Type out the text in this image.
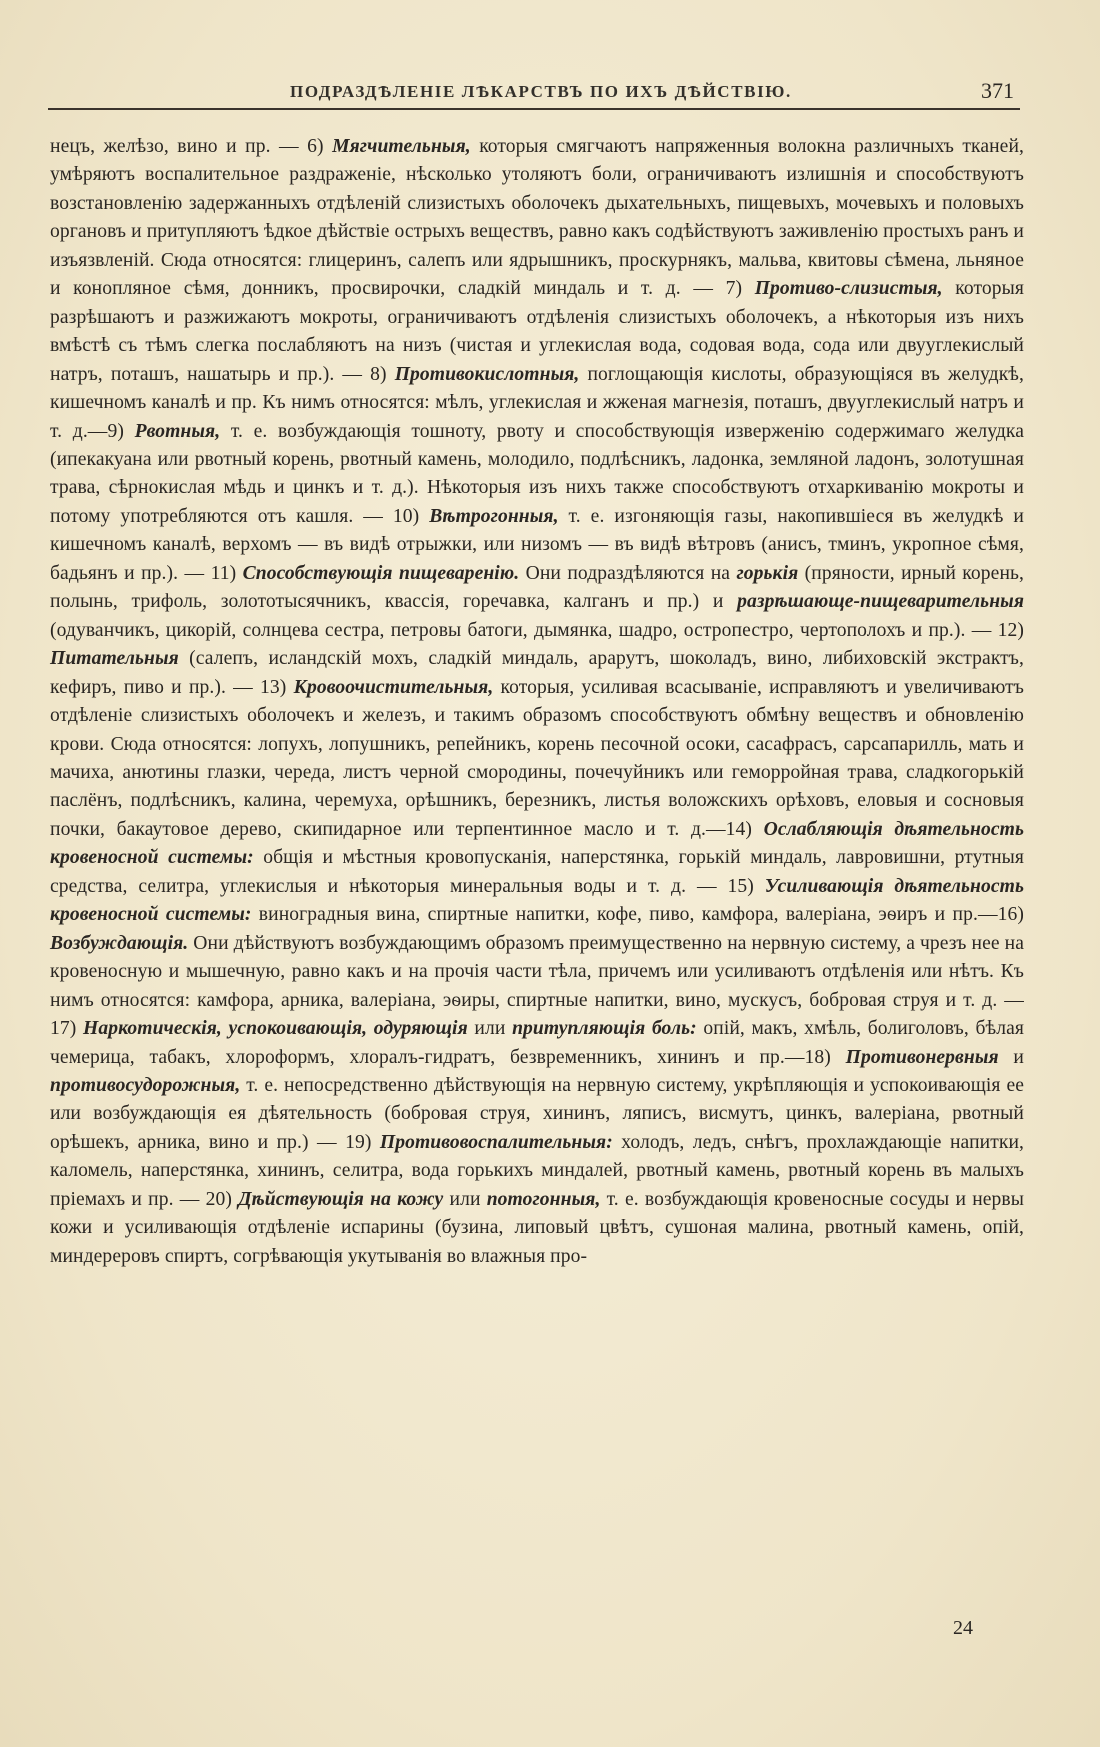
ПОДРАЗДѢЛЕНІЕ ЛѢКАРСТВЪ ПО ИХЪ ДѢЙСТВІЮ.	371
нецъ, желѣзо, вино и пр. — 6) Мягчительныя, которыя смягчаютъ напряженныя волокна различныхъ тканей, умѣряютъ воспалительное раздраженіе, нѣсколько утоляютъ боли, ограничиваютъ излишнія и способствуютъ возстановленію задержанныхъ отдѣленій слизистыхъ оболочекъ дыхательныхъ, пищевыхъ, мочевыхъ и половыхъ органовъ и притупляютъ ѣдкое дѣйствіе острыхъ веществъ, равно какъ содѣйствуютъ заживленію простыхъ ранъ и изъязвленій. Сюда относятся: глицеринъ, салепъ или ядрышникъ, проскурнякъ, мальва, квитовы сѣмена, льняное и конопляное сѣмя, донникъ, просвирочки, сладкій миндаль и т. д. — 7) Противо-слизистыя, которыя разрѣшаютъ и разжижаютъ мокроты, ограничиваютъ отдѣленія слизистыхъ оболочекъ, а нѣкоторыя изъ нихъ вмѣстѣ съ тѣмъ слегка послабляютъ на низъ (чистая и углекислая вода, содовая вода, сода или двууглекислый натръ, поташъ, нашатырь и пр.). — 8) Противокислотныя, поглощающія кислоты, образующіяся въ желудкѣ, кишечномъ каналѣ и пр. Къ нимъ относятся: мѣлъ, углекислая и жженая магнезія, поташъ, двууглекислый натръ и т. д.—9) Рвотныя, т. е. возбуждающія тошноту, рвоту и способствующія изверженію содержимаго желудка (ипекакуана или рвотный корень, рвотный камень, молодило, подлѣсникъ, ладонка, земляной ладонъ, золотушная трава, сѣрнокислая мѣдь и цинкъ и т. д.). Нѣкоторыя изъ нихъ также способствуютъ отхаркиванію мокроты и потому употребляются отъ кашля. — 10) Вѣтрогонныя, т. е. изгоняющія газы, накопившіеся въ желудкѣ и кишечномъ каналѣ, верхомъ — въ видѣ отрыжки, или низомъ — въ видѣ вѣтровъ (анисъ, тминъ, укропное сѣмя, бадьянъ и пр.). — 11) Способствующія пищеваренію. Они подраздѣляются на горькія (пряности, ирный корень, полынь, трифоль, золототысячникъ, квассія, горечавка, калганъ и пр.) и разрѣшающе-пищеварительныя (одуванчикъ, цикорій, солнцева сестра, петровы батоги, дымянка, шадро, остропестро, чертополохъ и пр.). — 12) Питательныя (салепъ, исландскій мохъ, сладкій миндаль, арарутъ, шоколадъ, вино, либиховскій экстрактъ, кефиръ, пиво и пр.). — 13) Кровоочистительныя, которыя, усиливая всасываніе, исправляютъ и увеличиваютъ отдѣленіе слизистыхъ оболочекъ и железъ, и такимъ образомъ способствуютъ обмѣну веществъ и обновленію крови. Сюда относятся: лопухъ, лопушникъ, репейникъ, корень песочной осоки, сасафрасъ, сарсапарилль, мать и мачиха, анютины глазки, череда, листъ черной смородины, почечуйникъ или геморройная трава, сладкогорькій паслёнъ, подлѣсникъ, калина, черемуха, орѣшникъ, березникъ, листья воложскихъ орѣховъ, еловыя и сосновыя почки, бакаутовое дерево, скипидарное или терпентинное масло и т. д.—14) Ослабляющія дѣятельность кровеносной системы: общія и мѣстныя кровопусканія, наперстянка, горькій миндаль, лавровишни, ртутныя средства, селитра, углекислыя и нѣкоторыя минеральныя воды и т. д. — 15) Усиливающія дѣятельность кровеносной системы: виноградныя вина, спиртные напитки, кофе, пиво, камфора, валеріана, эѳиръ и пр.—16) Возбуждающія. Они дѣйствуютъ возбуждающимъ образомъ преимущественно на нервную систему, а чрезъ нее на кровеносную и мышечную, равно какъ и на прочія части тѣла, причемъ или усиливаютъ отдѣленія или нѣтъ. Къ нимъ относятся: камфора, арника, валеріана, эѳиры, спиртные напитки, вино, мускусъ, бобровая струя и т. д. — 17) Наркотическія, успокоивающія, одуряющія или притупляющія боль: опій, макъ, хмѣль, болиголовъ, бѣлая чемерица, табакъ, хлороформъ, хлоралъ-гидратъ, безвременникъ, хининъ и пр.—18) Противонервныя и противосудорожныя, т. е. непосредственно дѣйствующія на нервную систему, укрѣпляющія и успокоивающія ее или возбуждающія ея дѣятельность (бобровая струя, хининъ, ляписъ, висмутъ, цинкъ, валеріана, рвотный орѣшекъ, арника, вино и пр.) — 19) Противовоспалительныя: холодъ, ледъ, снѣгъ, прохлаждающіе напитки, каломель, наперстянка, хининъ, селитра, вода горькихъ миндалей, рвотный камень, рвотный корень въ малыхъ пріемахъ и пр. — 20) Дѣйствующія на кожу или потогонныя, т. е. возбуждающія кровеносные сосуды и нервы кожи и усиливающія отдѣленіе испарины (бузина, липовый цвѣтъ, сушоная малина, рвотный камень, опій, миндереровъ спиртъ, согрѣвающія укутыванія во влажныя про-
24
